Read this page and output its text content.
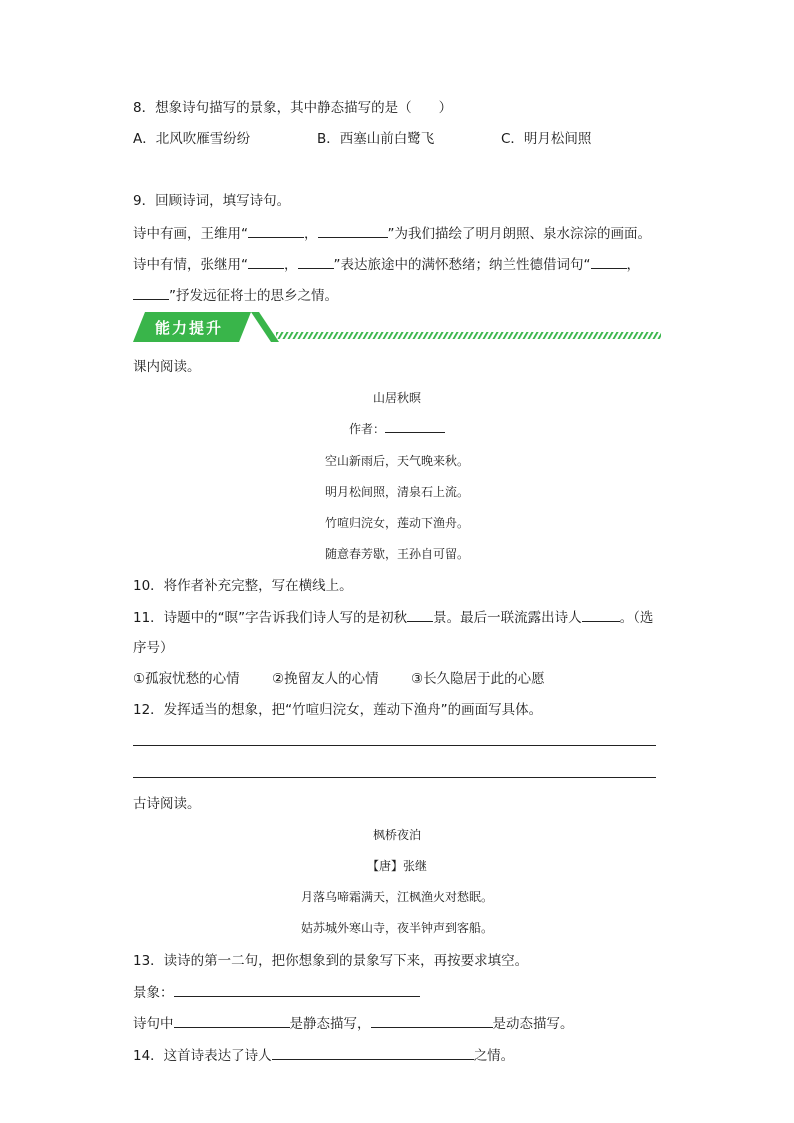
8．想象诗句描写的景象，其中静态描写的是（　　）
A．北风吹雁雪纷纷	B．西塞山前白鹭飞	C．明月松间照
9．回顾诗词，填写诗句。
诗中有画，王维用“	，	”为我们描绘了明月朗照、泉水淙淙的画面。
诗中有情，张继用“	，	”表达旅途中的满怀愁绪；纳兰性德借词句“	，
”抒发远征将士的思乡之情。
能力提升
课内阅读。
山居秋暝
作者：
空山新雨后，天气晚来秋。
明月松间照，清泉石上流。
竹喧归浣女，莲动下渔舟。
随意春芳歇，王孙自可留。
10．将作者补充完整，写在横线上。
11．诗题中的“暝”字告诉我们诗人写的是初秋 景。最后一联流露出诗人	。（选
序号）
①孤寂忧愁的心情 ②挽留友人的心情 ③长久隐居于此的心愿
12．发挥适当的想象，把“竹喧归浣女，莲动下渔舟”的画面写具体。
古诗阅读。
枫桥夜泊
【唐】张继
月落乌啼霜满天，江枫渔火对愁眠。
姑苏城外寒山寺，夜半钟声到客船。
13．读诗的第一二句，把你想象到的景象写下来，再按要求填空。
景象：
诗句中	是静态描写，	是动态描写。
14．这首诗表达了诗人	之情。
